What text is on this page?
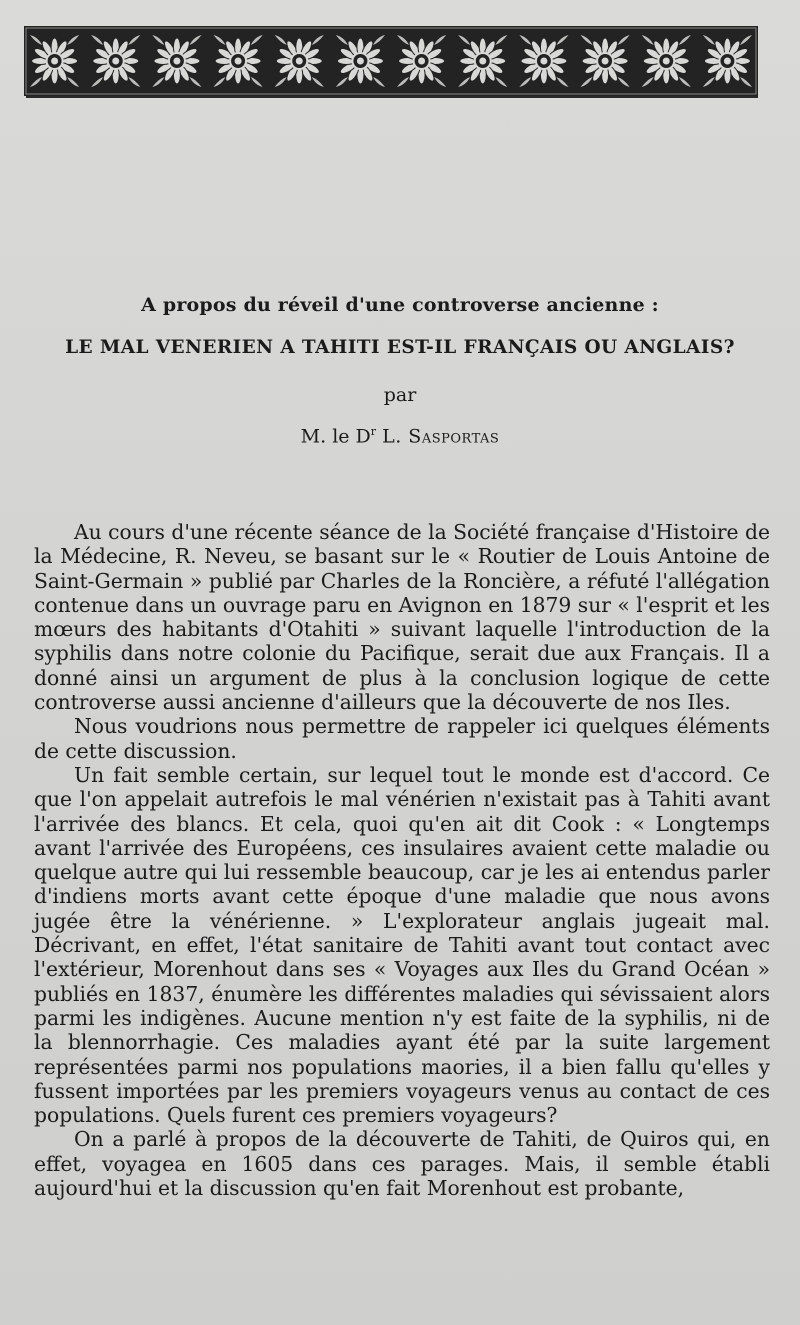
A propos du réveil d'une controverse ancienne :
LE MAL VENERIEN A TAHITI EST-IL FRANÇAIS OU ANGLAIS?
par
M. le $D^r$ L. Sasportas

Au cours d'une récente séance de la Société française d'Histoire de la Médecine, R. Neveu, se basant sur le « Routier de Louis Antoine de Saint-Germain » publié par Charles de la Roncière, a réfuté l'allégation contenue dans un ouvrage paru en Avignon en 1879 sur « l'esprit et les mœurs des habitants d'Otahiti » suivant laquelle l'introduction de la syphilis dans notre colonie du Pacifique, serait due aux Français. Il a donné ainsi un argument de plus à la conclusion logique de cette controverse aussi ancienne d'ailleurs que la découverte de nos Iles.

Nous voudrions nous permettre de rappeler ici quelques éléments de cette discussion.

Un fait semble certain, sur lequel tout le monde est d'accord. Ce que l'on appelait autrefois le mal vénérien n'existait pas à Tahiti avant l'arrivée des blancs. Et cela, quoi qu'en ait dit Cook : « Longtemps avant l'arrivée des Européens, ces insulaires avaient cette maladie ou quelque autre qui lui ressemble beaucoup, car je les ai entendus parler d'indiens morts avant cette époque d'une maladie que nous avons jugée être la vénérienne. » L'explorateur anglais jugeait mal. Décrivant, en effet, l'état sanitaire de Tahiti avant tout contact avec l'extérieur, Morenhout dans ses « Voyages aux Iles du Grand Océan » publiés en 1837, énumère les différentes maladies qui sévissaient alors parmi les indigènes. Aucune mention n'y est faite de la syphilis, ni de la blennorrhagie. Ces maladies ayant été par la suite largement représentées parmi nos populations maories, il a bien fallu qu'elles y fussent importées par les premiers voyageurs venus au contact de ces populations. Quels furent ces premiers voyageurs?

On a parlé à propos de la découverte de Tahiti, de Quiros qui, en effet, voyagea en 1605 dans ces parages. Mais, il semble établi aujourd'hui et la discussion qu'en fait Morenhout est probante,
